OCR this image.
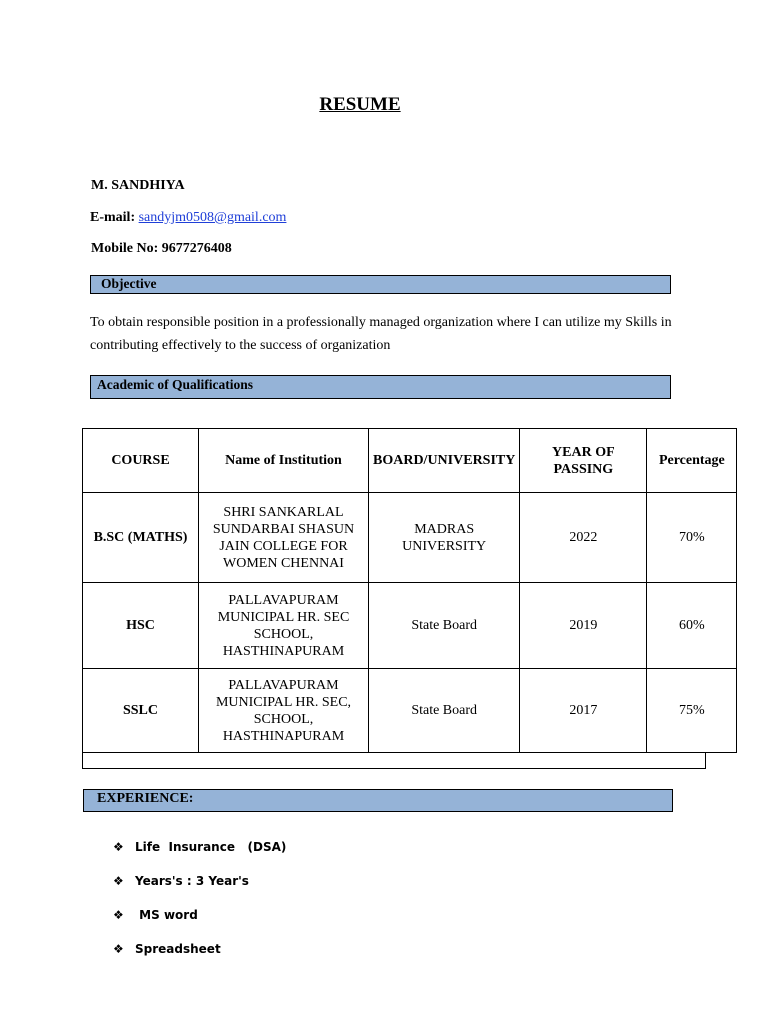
RESUME
M. SANDHIYA
E-mail: sandyjm0508@gmail.com
Mobile No: 9677276408
Objective
To obtain responsible position in a professionally managed organization where I can utilize my Skills in contributing effectively to the success of organization
Academic of Qualifications
COURSE	Name of Institution	BOARD/UNIVERSITY	YEAR OF PASSING	Percentage
B.SC (MATHS)	SHRI SANKARLAL SUNDARBAI SHASUN JAIN COLLEGE FOR WOMEN CHENNAI	MADRAS UNIVERSITY	2022	70%
HSC	PALLAVAPURAM MUNICIPAL HR. SEC SCHOOL, HASTHINAPURAM	State Board	2019	60%
SSLC	PALLAVAPURAM MUNICIPAL HR. SEC, SCHOOL, HASTHINAPURAM	State Board	2017	75%
EXPERIENCE:
❖ Life  Insurance   (DSA)
❖ Years's : 3 Year's
❖ MS word
❖ Spreadsheet
